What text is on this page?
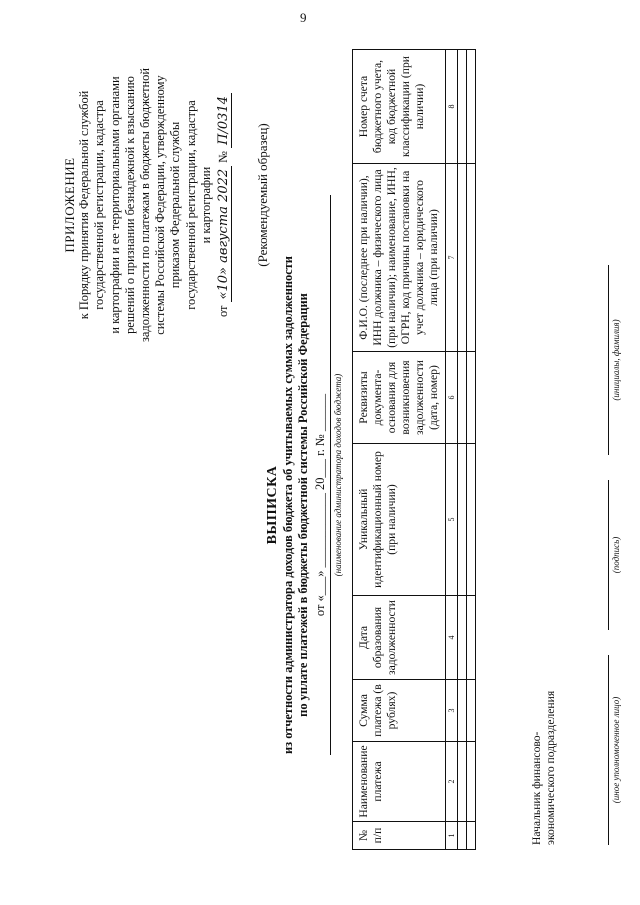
9
ПРИЛОЖЕНИЕ к Порядку принятия Федеральной службой государственной регистрации, кадастра и картографии и ее территориальными органами решений о признании безнадежной к взысканию задолженности по платежам в бюджеты бюджетной системы Российской Федерации, утвержденному приказом Федеральной службы государственной регистрации, кадастра и картографии
от «10» августа 2022 № П/0314
(Рекомендуемый образец)
ВЫПИСКА из отчетности администратора доходов бюджета об учитываемых суммах задолженности по уплате платежей в бюджеты бюджетной системы Российской Федерации от «___» ____________ 20___ г. № ______ (наименование администратора доходов бюджета)
№ п/п	Наименование платежа	Сумма платежа (в рублях)	Дата образования задолженности	Уникальный идентификационный номер (при наличии)	Реквизиты документа-основания для возникновения задолженности (дата, номер)	Ф.И.О. (последнее при наличии), ИНН должника – физического лица (при наличии); наименование, ИНН, ОГРН, код причины постановки на учет должника – юридического лица (при наличии)	Номер счета бюджетного учета, код бюджетной классификации (при наличии)
1	2	3	4	5	6	7	8

Начальник финансово- экономического подразделения	(иное уполномоченное лицо)
(подпись)
(инициалы, фамилия)
